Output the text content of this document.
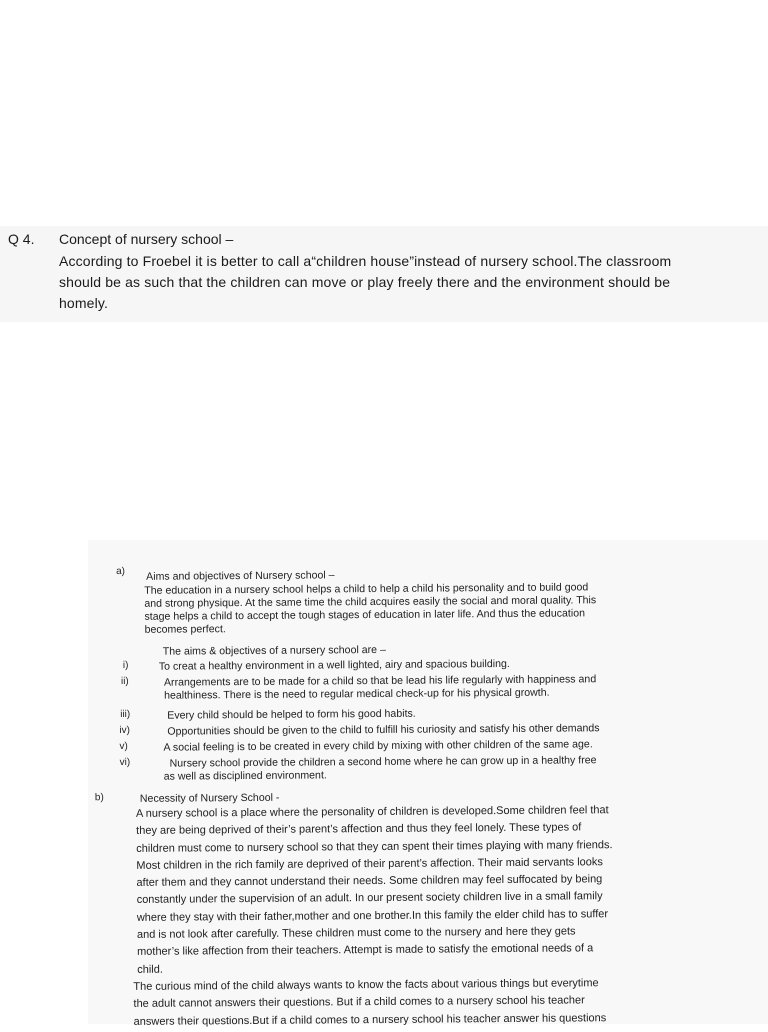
Q 4. Concept of nursery school –
According to Froebel it is better to call a“children house”instead of nursery school.The classroom
should be as such that the children can move or play freely there and the environment should be
homely.
a) Aims and objectives of Nursery school –
The education in a nursery school helps a child to help a child his personality and to build good
and strong physique. At the same time the child acquires easily the social and moral quality. This
stage helps a child to accept the tough stages of education in later life. And thus the education
becomes perfect.
The aims & objectives of a nursery school are –
i)	To creat a healthy environment in a well lighted, airy and spacious building.
ii)	Arrangements are to be made for a child so that be lead his life regularly with happiness and
healthiness. There is the need to regular medical check-up for his physical growth.
iii)	Every child should be helped to form his good habits.
iv)	Opportunities should be given to the child to fulfill his curiosity and satisfy his other demands
v)	A social feeling is to be created in every child by mixing with other children of the same age.
vi)	Nursery school provide the children a second home where he can grow up in a healthy free
as well as disciplined environment.
b)	Necessity of Nursery School -
A nursery school is a place where the personality of children is developed.Some children feel that
they are being deprived of their’s parent’s affection and thus they feel lonely. These types of
children must come to nursery school so that they can spent their times playing with many friends.
Most children in the rich family are deprived of their parent’s affection. Their maid servants looks
after them and they cannot understand their needs. Some children may feel suffocated by being
constantly under the supervision of an adult. In our present society children live in a small family
where they stay with their father,mother and one brother.In this family the elder child has to suffer
and is not look after carefully. These children must come to the nursery and here they gets
mother’s like affection from their teachers. Attempt is made to satisfy the emotional needs of a
child.
The curious mind of the child always wants to know the facts about various things but everytime
the adult cannot answers their questions. But if a child comes to a nursery school his teacher
answers their questions.But if a child comes to a nursery school his teacher answer his questions
